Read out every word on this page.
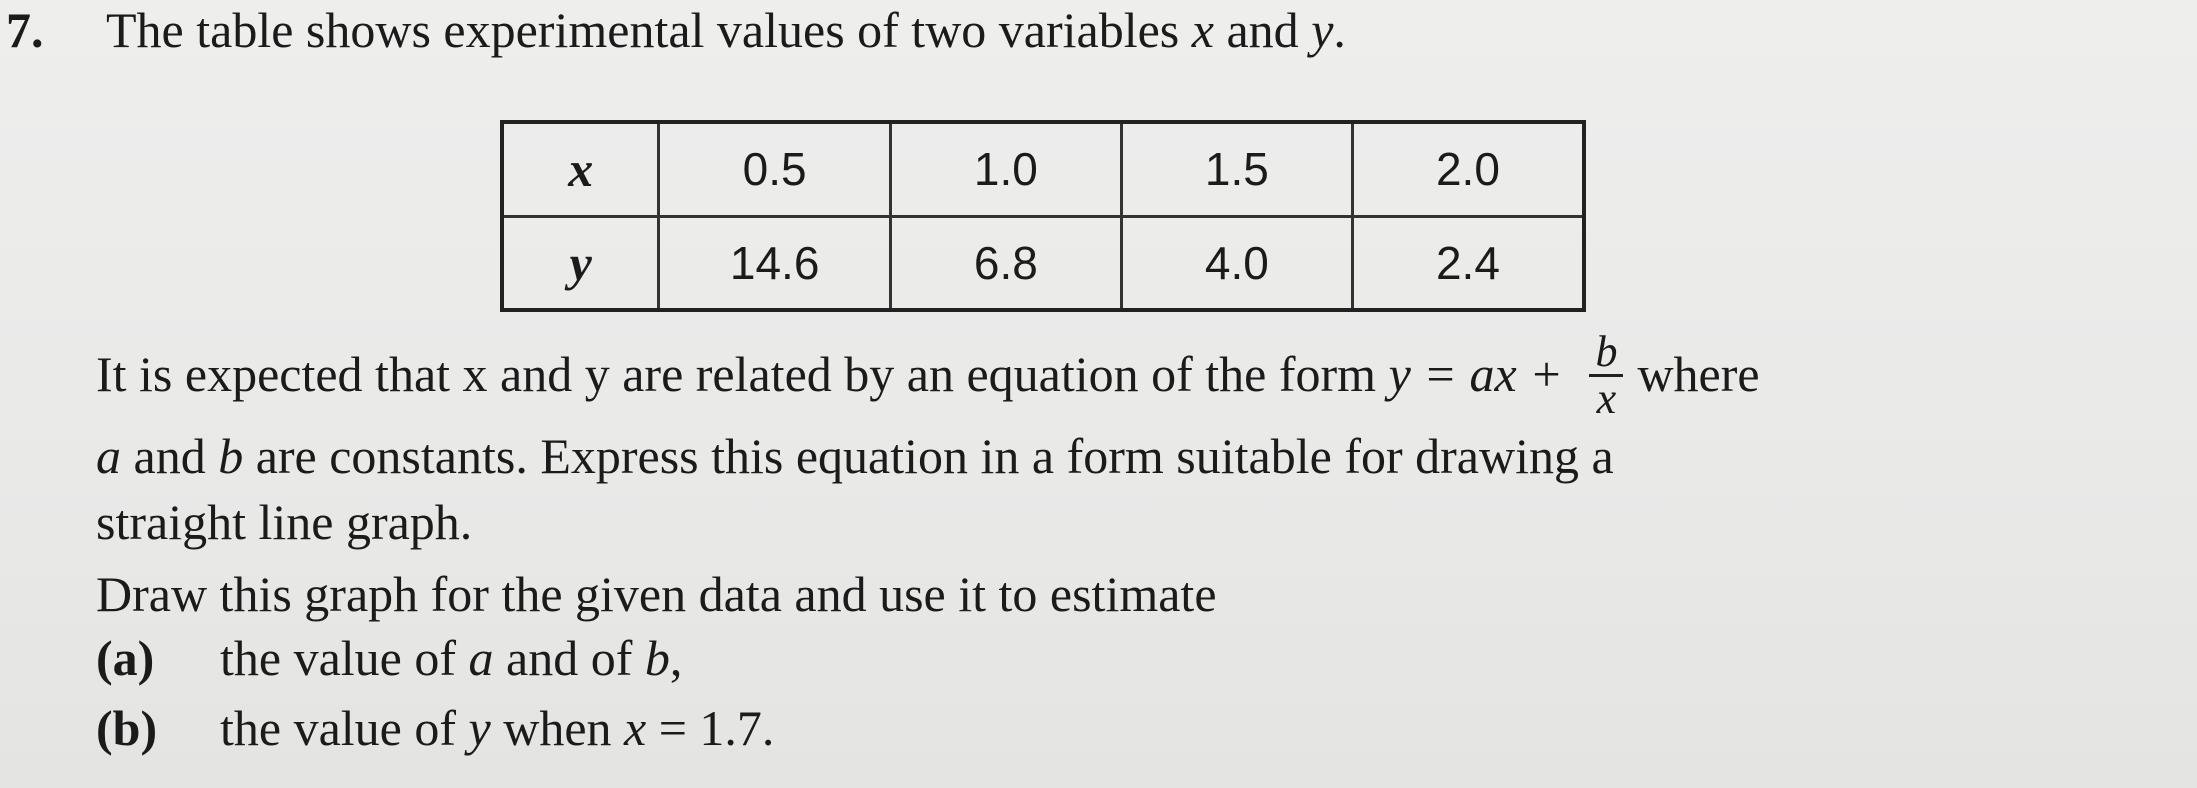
7. The table shows experimental values of two variables x and y.
x	0.5	1.0	1.5	2.0
y	14.6	6.8	4.0	2.4
It is expected that x and y are related by an equation of the form y = ax + $\frac{b}{x}$ where
a and b are constants. Express this equation in a form suitable for drawing a
straight line graph.
Draw this graph for the given data and use it to estimate
(a) the value of a and of b,
(b) the value of y when x = 1.7.
